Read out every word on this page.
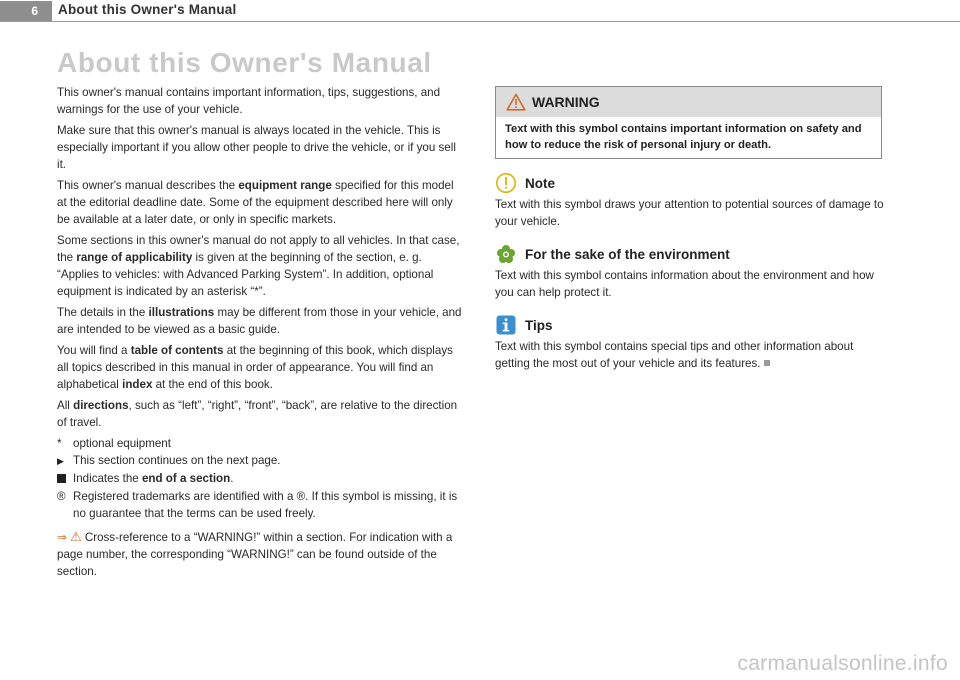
6 About this Owner's Manual
About this Owner's Manual

This owner's manual contains important information, tips, suggestions, and warnings for the use of your vehicle.

Make sure that this owner's manual is always located in the vehicle. This is especially important if you allow other people to drive the vehicle, or if you sell it.

This owner's manual describes the equipment range specified for this model at the editorial deadline date. Some of the equipment described here will only be available at a later date, or only in specific markets.

Some sections in this owner's manual do not apply to all vehicles. In that case, the range of applicability is given at the beginning of the section, e. g. “Applies to vehicles: with Advanced Parking System”. In addition, optional equipment is indicated by an asterisk “*”.

The details in the illustrations may be different from those in your vehicle, and are intended to be viewed as a basic guide.

You will find a table of contents at the beginning of this book, which displays all topics described in this manual in order of appearance. You will find an alphabetical index at the end of this book.

All directions, such as “left”, “right”, “front”, “back”, are relative to the direction of travel.

* optional equipment
▶ This section continues on the next page.
Indicates the end of a section.
® Registered trademarks are identified with a ®. If this symbol is missing, it is no guarantee that the terms can be used freely.

⇒ ⚠ Cross-reference to a “WARNING!” within a section. For indication with a page number, the corresponding “WARNING!” can be found outside of the section.

WARNING
Text with this symbol contains important information on safety and how to reduce the risk of personal injury or death.
Note
Text with this symbol draws your attention to potential sources of damage to your vehicle.
For the sake of the environment
Text with this symbol contains information about the environment and how you can help protect it.
Tips
Text with this symbol contains special tips and other information about getting the most out of your vehicle and its features.
carmanualsonline.info
